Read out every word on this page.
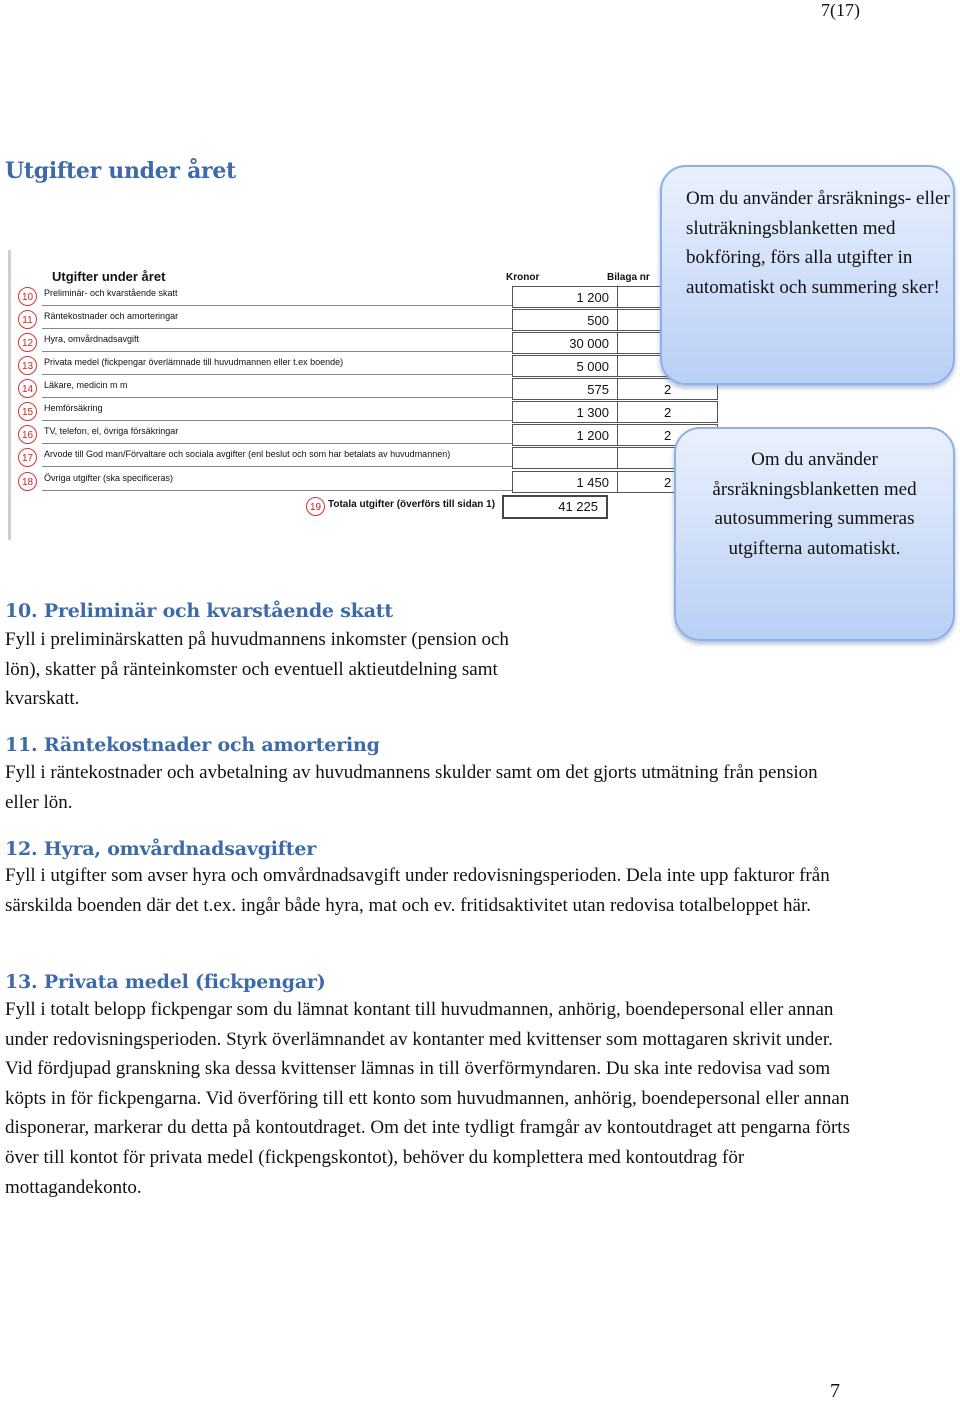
7(17)
Utgifter under året
Utgifter under året	Kronor	Bilaga nr
10	Preliminär- och kvarstående skatt	1 200
11	Räntekostnader och amorteringar	500
12	Hyra, omvårdnadsavgift	30 000
13	Privata medel (fickpengar överlämnade till huvudmannen eller t.ex boende)	5 000
14	Läkare, medicin m m	575	2
15	Hemförsäkring	1 300	2
16	TV, telefon, el, övriga försäkringar	1 200	2
17	Arvode till God man/Förvaltare och sociala avgifter (enl beslut och som har betalats av huvudmannen)
18	Övriga utgifter (ska specificeras)	1 450	2
19 Totala utgifter (överförs till sidan 1)	41 225
Om du använder årsräknings- eller sluträkningsblanketten med bokföring, förs alla utgifter in automatiskt och summering sker!
Om du använder årsräkningsblanketten med autosummering summeras utgifterna automatiskt.
10. Preliminär och kvarstående skatt
Fyll i preliminärskatten på huvudmannens inkomster (pension och lön), skatter på ränteinkomster och eventuell aktieutdelning samt kvarskatt.
11. Räntekostnader och amortering
Fyll i räntekostnader och avbetalning av huvudmannens skulder samt om det gjorts utmätning från pension eller lön.
12. Hyra, omvårdnadsavgifter
Fyll i utgifter som avser hyra och omvårdnadsavgift under redovisningsperioden. Dela inte upp fakturor från särskilda boenden där det t.ex. ingår både hyra, mat och ev. fritidsaktivitet utan redovisa totalbeloppet här.
13. Privata medel (fickpengar)
Fyll i totalt belopp fickpengar som du lämnat kontant till huvudmannen, anhörig, boendepersonal eller annan under redovisningsperioden. Styrk överlämnandet av kontanter med kvittenser som mottagaren skrivit under. Vid fördjupad granskning ska dessa kvittenser lämnas in till överförmyndaren. Du ska inte redovisa vad som köpts in för fickpengarna. Vid överföring till ett konto som huvudmannen, anhörig, boendepersonal eller annan disponerar, markerar du detta på kontoutdraget. Om det inte tydligt framgår av kontoutdraget att pengarna förts över till kontot för privata medel (fickpengskontot), behöver du komplettera med kontoutdrag för mottagandekonto.
7
